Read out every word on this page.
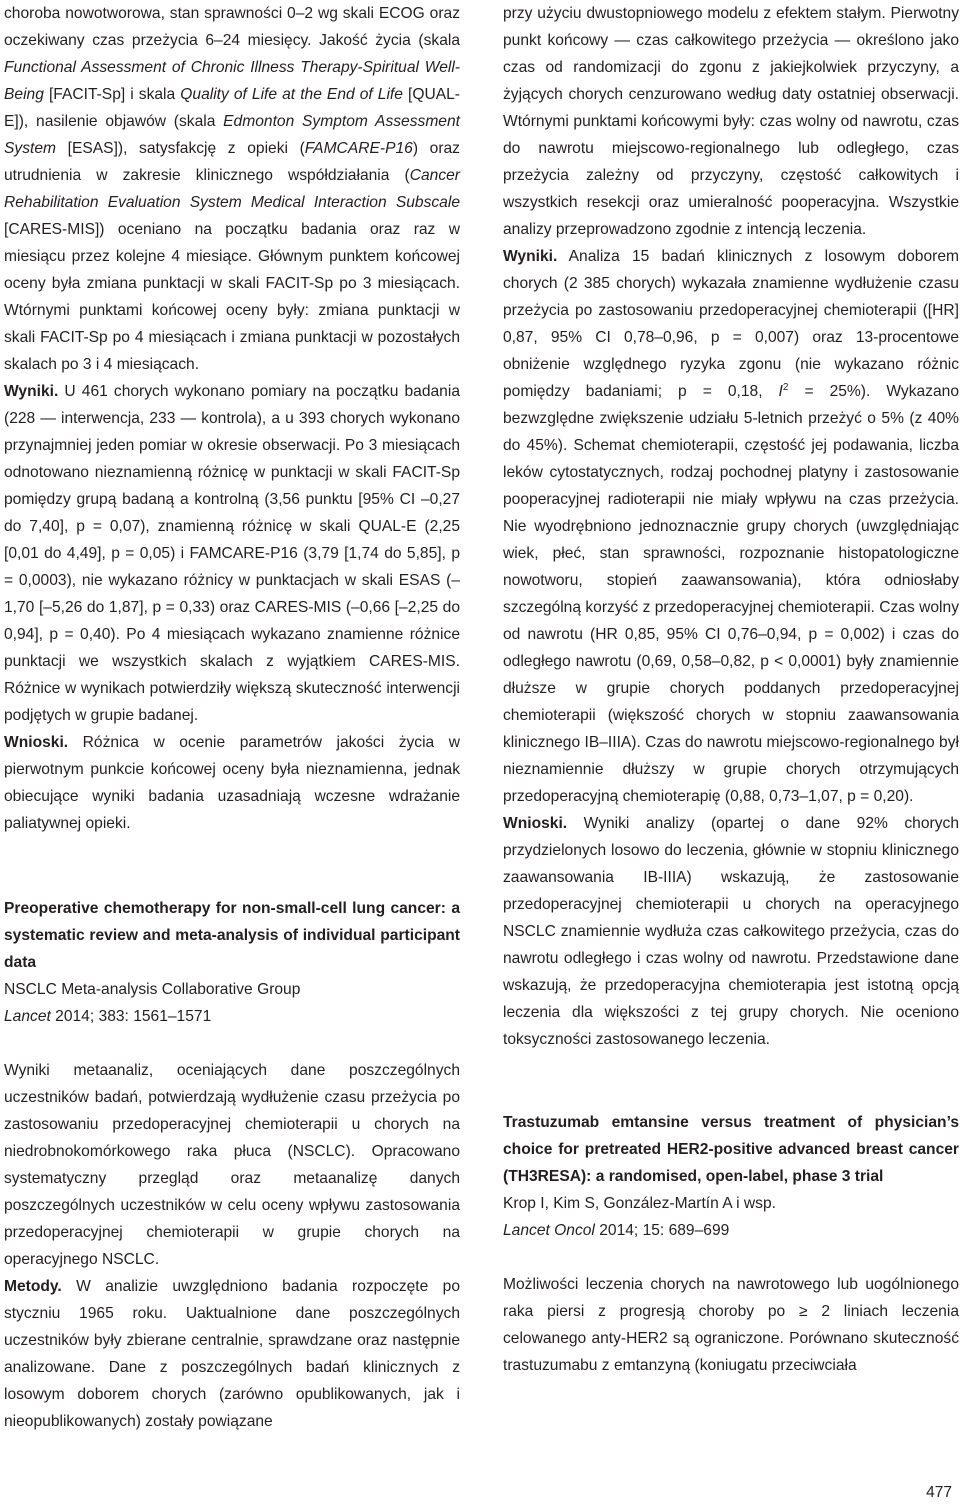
choroba nowotworowa, stan sprawności 0–2 wg skali ECOG oraz oczekiwany czas przeżycia 6–24 miesięcy. Jakość życia (skala Functional Assessment of Chronic Illness Therapy-Spiritual Well-Being [FACIT-Sp] i skala Quality of Life at the End of Life [QUAL-E]), nasilenie objawów (skala Edmonton Symptom Assessment System [ESAS]), satysfakcję z opieki (FAMCARE-P16) oraz utrudnienia w zakresie klinicznego współdziałania (Cancer Rehabilitation Evaluation System Medical Interaction Subscale [CARES-MIS]) oceniano na początku badania oraz raz w miesiącu przez kolejne 4 miesiące. Głównym punktem końcowej oceny była zmiana punktacji w skali FACIT-Sp po 3 miesiącach. Wtórnymi punktami końcowej oceny były: zmiana punktacji w skali FACIT-Sp po 4 miesiącach i zmiana punktacji w pozostałych skalach po 3 i 4 miesiącach.

Wyniki. U 461 chorych wykonano pomiary na początku badania (228 — interwencja, 233 — kontrola), a u 393 chorych wykonano przynajmniej jeden pomiar w okresie obserwacji. Po 3 miesiącach odnotowano nieznamienną różnicę w punktacji w skali FACIT-Sp pomiędzy grupą badaną a kontrolną (3,56 punktu [95% CI –0,27 do 7,40], p = 0,07), znamienną różnicę w skali QUAL-E (2,25 [0,01 do 4,49], p = 0,05) i FAMCARE-P16 (3,79 [1,74 do 5,85], p = 0,0003), nie wykazano różnicy w punktacjach w skali ESAS (–1,70 [–5,26 do 1,87], p = 0,33) oraz CARES-MIS (–0,66 [–2,25 do 0,94], p = 0,40). Po 4 miesiącach wykazano znamienne różnice punktacji we wszystkich skalach z wyjątkiem CARES-MIS. Różnice w wynikach potwierdziły większą skuteczność interwencji podjętych w grupie badanej.

Wnioski. Różnica w ocenie parametrów jakości życia w pierwotnym punkcie końcowej oceny była nieznamienna, jednak obiecujące wyniki badania uzasadniają wczesne wdrażanie paliatywnej opieki.

Preoperative chemotherapy for non-small-cell lung cancer: a systematic review and meta-analysis of individual participant data

NSCLC Meta-analysis Collaborative Group

Lancet 2014; 383: 1561–1571

Wyniki metaanaliz, oceniających dane poszczególnych uczestników badań, potwierdzają wydłużenie czasu przeżycia po zastosowaniu przedoperacyjnej chemioterapii u chorych na niedrobnokomórkowego raka płuca (NSCLC). Opracowano systematyczny przegląd oraz metaanalizę danych poszczególnych uczestników w celu oceny wpływu zastosowania przedoperacyjnej chemioterapii w grupie chorych na operacyjnego NSCLC.

Metody. W analizie uwzględniono badania rozpoczęte po styczniu 1965 roku. Uaktualnione dane poszczególnych uczestników były zbierane centralnie, sprawdzane oraz następnie analizowane. Dane z poszczególnych badań klinicznych z losowym doborem chorych (zarówno opublikowanych, jak i nieopublikowanych) zostały powiązane

przy użyciu dwustopniowego modelu z efektem stałym. Pierwotny punkt końcowy — czas całkowitego przeżycia — określono jako czas od randomizacji do zgonu z jakiejkolwiek przyczyny, a żyjących chorych cenzurowano według daty ostatniej obserwacji. Wtórnymi punktami końcowymi były: czas wolny od nawrotu, czas do nawrotu miejscowo-regionalnego lub odległego, czas przeżycia zależny od przyczyny, częstość całkowitych i wszystkich resekcji oraz umieralność pooperacyjna. Wszystkie analizy przeprowadzono zgodnie z intencją leczenia.

Wyniki. Analiza 15 badań klinicznych z losowym doborem chorych (2 385 chorych) wykazała znamienne wydłużenie czasu przeżycia po zastosowaniu przedoperacyjnej chemioterapii ([HR] 0,87, 95% CI 0,78–0,96, p = 0,007) oraz 13-procentowe obniżenie względnego ryzyka zgonu (nie wykazano różnic pomiędzy badaniami; p = 0,18, $I^2 = 25\%$). Wykazano bezwzględne zwiększenie udziału 5-letnich przeżyć o 5% (z 40% do 45%). Schemat chemioterapii, częstość jej podawania, liczba leków cytostatycznych, rodzaj pochodnej platyny i zastosowanie pooperacyjnej radioterapii nie miały wpływu na czas przeżycia. Nie wyodrębniono jednoznacznie grupy chorych (uwzględniając wiek, płeć, stan sprawności, rozpoznanie histopatologiczne nowotworu, stopień zaawansowania), która odniosłaby szczególną korzyść z przedoperacyjnej chemioterapii. Czas wolny od nawrotu (HR 0,85, 95% CI 0,76–0,94, p = 0,002) i czas do odległego nawrotu (0,69, 0,58–0,82, p < 0,0001) były znamiennie dłuższe w grupie chorych poddanych przedoperacyjnej chemioterapii (większość chorych w stopniu zaawansowania klinicznego IB–IIIA). Czas do nawrotu miejscowo-regionalnego był nieznamiennie dłuższy w grupie chorych otrzymujących przedoperacyjną chemioterapię (0,88, 0,73–1,07, p = 0,20).

Wnioski. Wyniki analizy (opartej o dane 92% chorych przydzielonych losowo do leczenia, głównie w stopniu klinicznego zaawansowania IB-IIIA) wskazują, że zastosowanie przedoperacyjnej chemioterapii u chorych na operacyjnego NSCLC znamiennie wydłuża czas całkowitego przeżycia, czas do nawrotu odległego i czas wolny od nawrotu. Przedstawione dane wskazują, że przedoperacyjna chemioterapia jest istotną opcją leczenia dla większości z tej grupy chorych. Nie oceniono toksyczności zastosowanego leczenia.

Trastuzumab emtansine versus treatment of physician’s choice for pretreated HER2-positive advanced breast cancer (TH3RESA): a randomised, open-label, phase 3 trial

Krop I, Kim S, González-Martín A i wsp.

Lancet Oncol 2014; 15: 689–699

Możliwości leczenia chorych na nawrotowego lub uogólnionego raka piersi z progresją choroby po ≥ 2 liniach leczenia celowanego anty-HER2 są ograniczone. Porównano skuteczność trastuzumabu z emtanzyną (koniugatu przeciwciała

477
